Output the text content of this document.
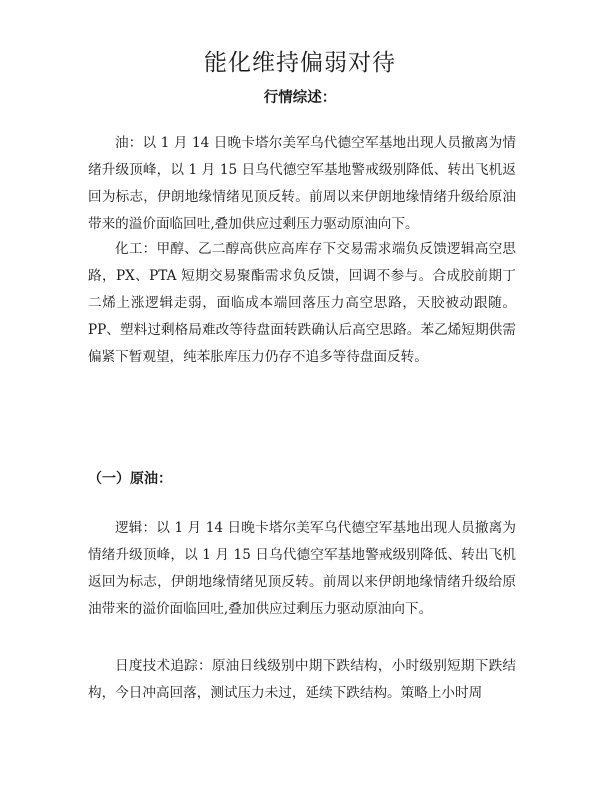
能化维持偏弱对待

行情综述：

油：以 1 月 14 日晚卡塔尔美军乌代德空军基地出现人员撤离为情绪升级顶峰，以 1 月 15 日乌代德空军基地警戒级别降低、转出飞机返回为标志，伊朗地缘情绪见顶反转。前周以来伊朗地缘情绪升级给原油带来的溢价面临回吐,叠加供应过剩压力驱动原油向下。

化工：甲醇、乙二醇高供应高库存下交易需求端负反馈逻辑高空思路，PX、PTA 短期交易聚酯需求负反馈，回调不参与。合成胶前期丁二烯上涨逻辑走弱，面临成本端回落压力高空思路，天胶被动跟随。PP、塑料过剩格局难改等待盘面转跌确认后高空思路。苯乙烯短期供需偏紧下暂观望，纯苯胀库压力仍存不追多等待盘面反转。

（一）原油：

逻辑：以 1 月 14 日晚卡塔尔美军乌代德空军基地出现人员撤离为情绪升级顶峰，以 1 月 15 日乌代德空军基地警戒级别降低、转出飞机返回为标志，伊朗地缘情绪见顶反转。前周以来伊朗地缘情绪升级给原油带来的溢价面临回吐,叠加供应过剩压力驱动原油向下。

日度技术追踪：原油日线级别中期下跌结构，小时级别短期下跌结构，今日冲高回落，测试压力未过，延续下跌结构。策略上小时周
